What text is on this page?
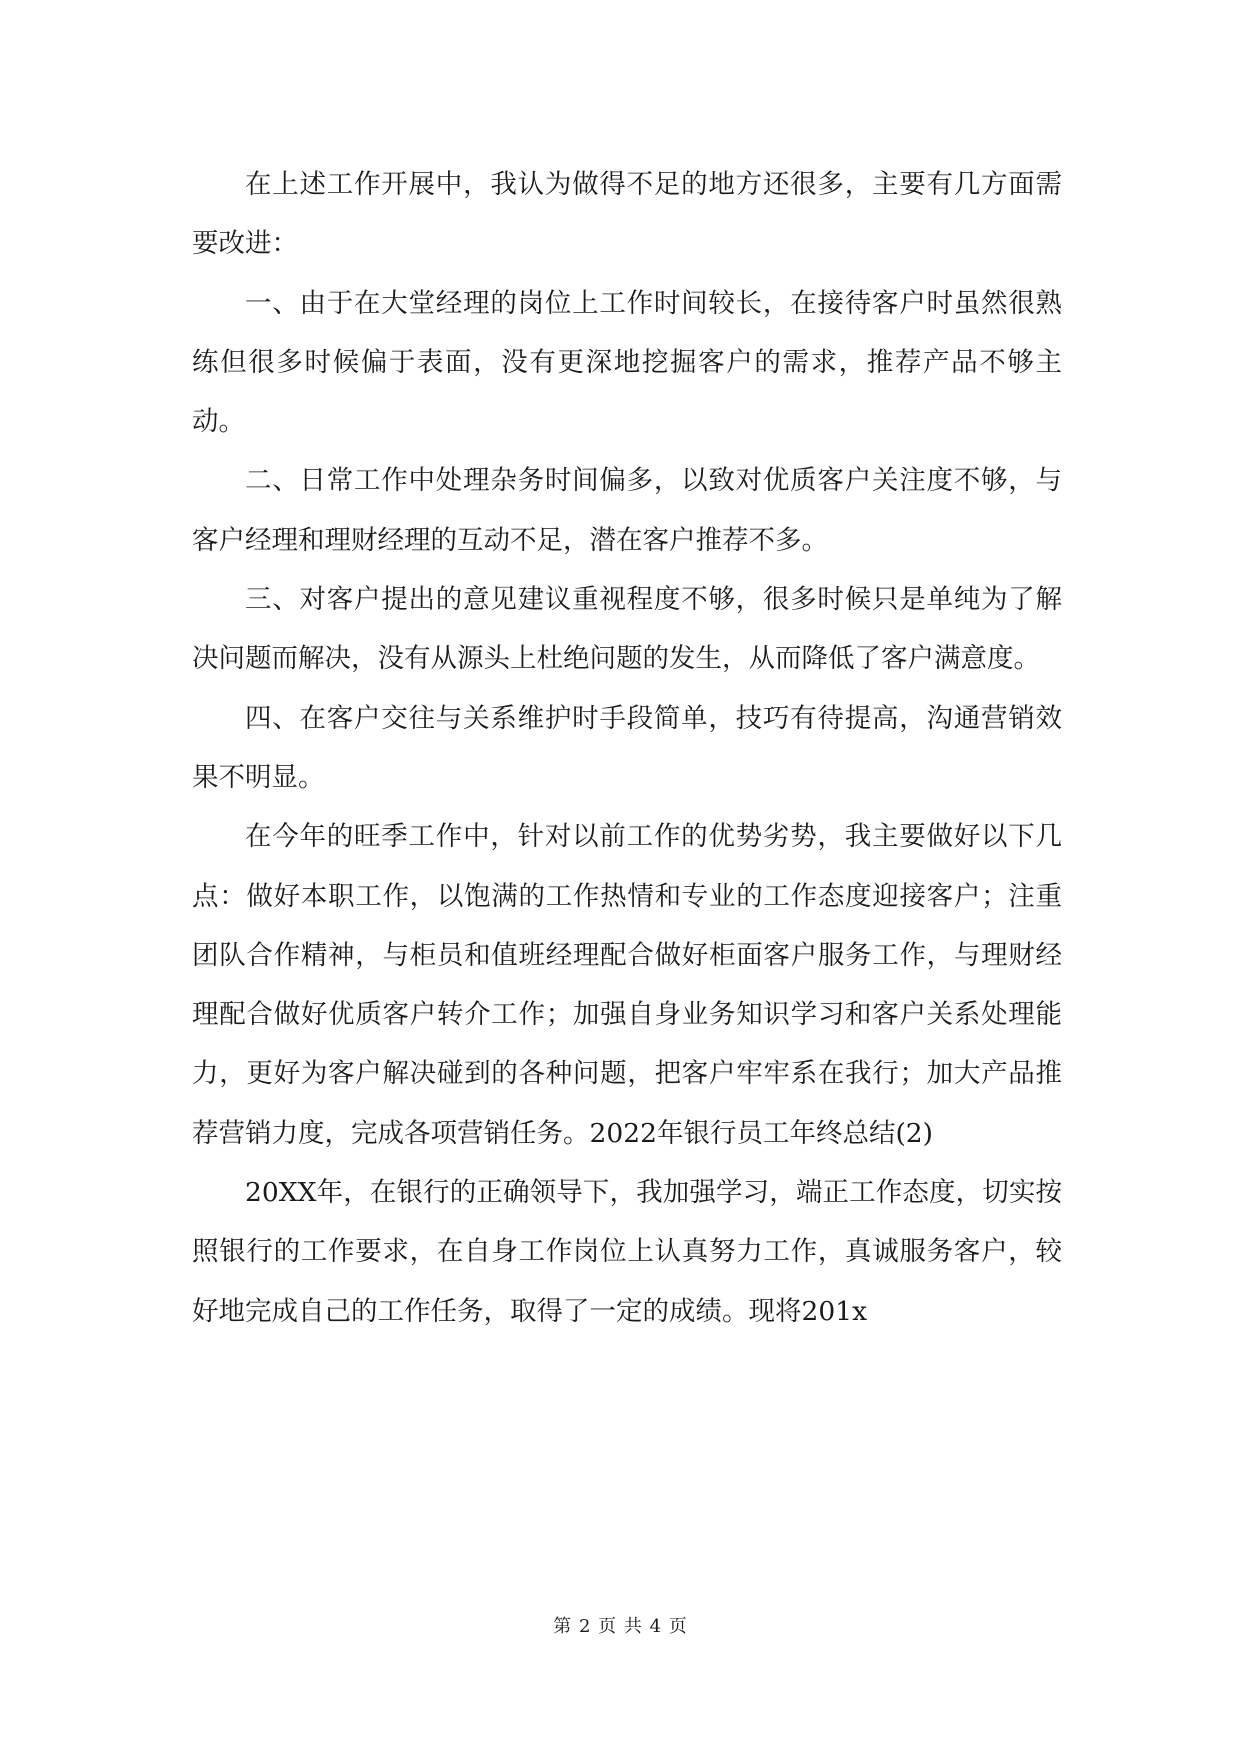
在上述工作开展中，我认为做得不足的地方还很多，主要有几方面需要改进：

一、由于在大堂经理的岗位上工作时间较长，在接待客户时虽然很熟练但很多时候偏于表面，没有更深地挖掘客户的需求，推荐产品不够主动。

二、日常工作中处理杂务时间偏多，以致对优质客户关注度不够，与客户经理和理财经理的互动不足，潜在客户推荐不多。

三、对客户提出的意见建议重视程度不够，很多时候只是单纯为了解决问题而解决，没有从源头上杜绝问题的发生，从而降低了客户满意度。

四、在客户交往与关系维护时手段简单，技巧有待提高，沟通营销效果不明显。

在今年的旺季工作中，针对以前工作的优势劣势，我主要做好以下几点：做好本职工作，以饱满的工作热情和专业的工作态度迎接客户；注重团队合作精神，与柜员和值班经理配合做好柜面客户服务工作，与理财经理配合做好优质客户转介工作；加强自身业务知识学习和客户关系处理能力，更好为客户解决碰到的各种问题，把客户牢牢系在我行；加大产品推荐营销力度，完成各项营销任务。2022年银行员工年终总结(2)

20XX年，在银行的正确领导下，我加强学习，端正工作态度，切实按照银行的工作要求，在自身工作岗位上认真努力工作，真诚服务客户，较好地完成自己的工作任务，取得了一定的成绩。现将201x

第 2 页 共 4 页
